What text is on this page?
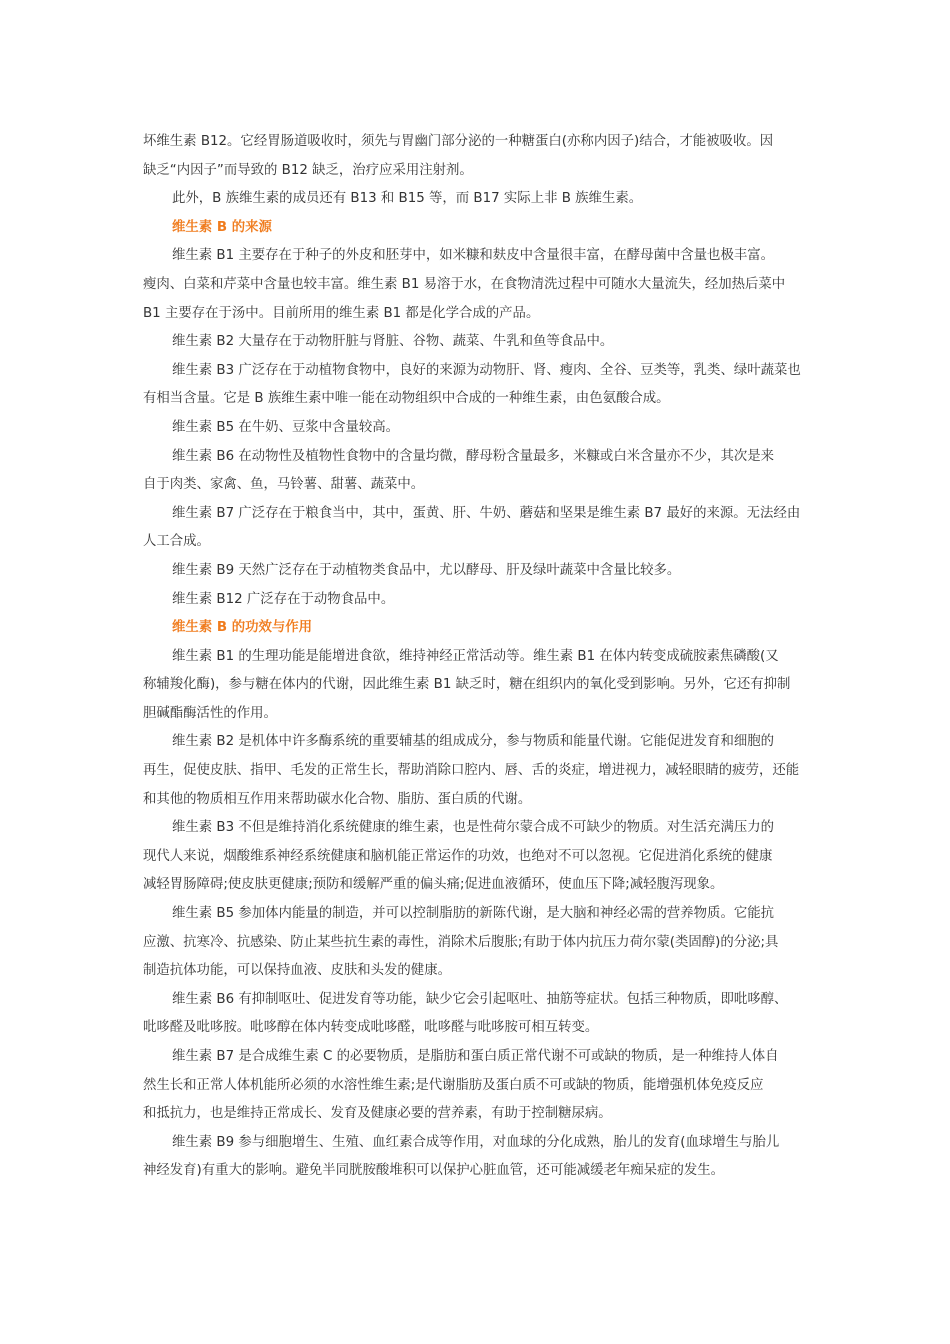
坏维生素 B12。它经胃肠道吸收时，须先与胃幽门部分泌的一种糖蛋白(亦称内因子)结合，才能被吸收。因
缺乏“内因子”而导致的 B12 缺乏，治疗应采用注射剂。
此外，B 族维生素的成员还有 B13 和 B15 等，而 B17 实际上非 B 族维生素。
维生素 B 的来源
维生素 B1 主要存在于种子的外皮和胚芽中，如米糠和麸皮中含量很丰富，在酵母菌中含量也极丰富。
瘦肉、白菜和芹菜中含量也较丰富。维生素 B1 易溶于水，在食物清洗过程中可随水大量流失，经加热后菜中
B1 主要存在于汤中。目前所用的维生素 B1 都是化学合成的产品。
维生素 B2 大量存在于动物肝脏与肾脏、谷物、蔬菜、牛乳和鱼等食品中。
维生素 B3 广泛存在于动植物食物中，良好的来源为动物肝、肾、瘦肉、全谷、豆类等，乳类、绿叶蔬菜也
有相当含量。它是 B 族维生素中唯一能在动物组织中合成的一种维生素，由色氨酸合成。
维生素 B5 在牛奶、豆浆中含量较高。
维生素 B6 在动物性及植物性食物中的含量均微，酵母粉含量最多，米糠或白米含量亦不少，其次是来
自于肉类、家禽、鱼，马铃薯、甜薯、蔬菜中。
维生素 B7 广泛存在于粮食当中，其中，蛋黄、肝、牛奶、蘑菇和坚果是维生素 B7 最好的来源。无法经由
人工合成。
维生素 B9 天然广泛存在于动植物类食品中，尤以酵母、肝及绿叶蔬菜中含量比较多。
维生素 B12 广泛存在于动物食品中。
维生素 B 的功效与作用
维生素 B1 的生理功能是能增进食欲，维持神经正常活动等。维生素 B1 在体内转变成硫胺素焦磷酸(又
称辅羧化酶)，参与糖在体内的代谢，因此维生素 B1 缺乏时，糖在组织内的氧化受到影响。另外，它还有抑制
胆碱酯酶活性的作用。
维生素 B2 是机体中许多酶系统的重要辅基的组成成分，参与物质和能量代谢。它能促进发育和细胞的
再生，促使皮肤、指甲、毛发的正常生长，帮助消除口腔内、唇、舌的炎症，增进视力，减轻眼睛的疲劳，还能
和其他的物质相互作用来帮助碳水化合物、脂肪、蛋白质的代谢。
维生素 B3 不但是维持消化系统健康的维生素，也是性荷尔蒙合成不可缺少的物质。对生活充满压力的
现代人来说，烟酸维系神经系统健康和脑机能正常运作的功效，也绝对不可以忽视。它促进消化系统的健康
减轻胃肠障碍;使皮肤更健康;预防和缓解严重的偏头痛;促进血液循环，使血压下降;减轻腹泻现象。
维生素 B5 参加体内能量的制造，并可以控制脂肪的新陈代谢，是大脑和神经必需的营养物质。它能抗
应激、抗寒冷、抗感染、防止某些抗生素的毒性，消除术后腹胀;有助于体内抗压力荷尔蒙(类固醇)的分泌;具
制造抗体功能，可以保持血液、皮肤和头发的健康。
维生素 B6 有抑制呕吐、促进发育等功能，缺少它会引起呕吐、抽筋等症状。包括三种物质，即吡哆醇、
吡哆醛及吡哆胺。吡哆醇在体内转变成吡哆醛，吡哆醛与吡哆胺可相互转变。
维生素 B7 是合成维生素 C 的必要物质，是脂肪和蛋白质正常代谢不可或缺的物质，是一种维持人体自
然生长和正常人体机能所必须的水溶性维生素;是代谢脂肪及蛋白质不可或缺的物质，能增强机体免疫反应
和抵抗力，也是维持正常成长、发育及健康必要的营养素，有助于控制糖尿病。
维生素 B9 参与细胞增生、生殖、血红素合成等作用，对血球的分化成熟，胎儿的发育(血球增生与胎儿
神经发育)有重大的影响。避免半同胱胺酸堆积可以保护心脏血管，还可能减缓老年痴呆症的发生。
